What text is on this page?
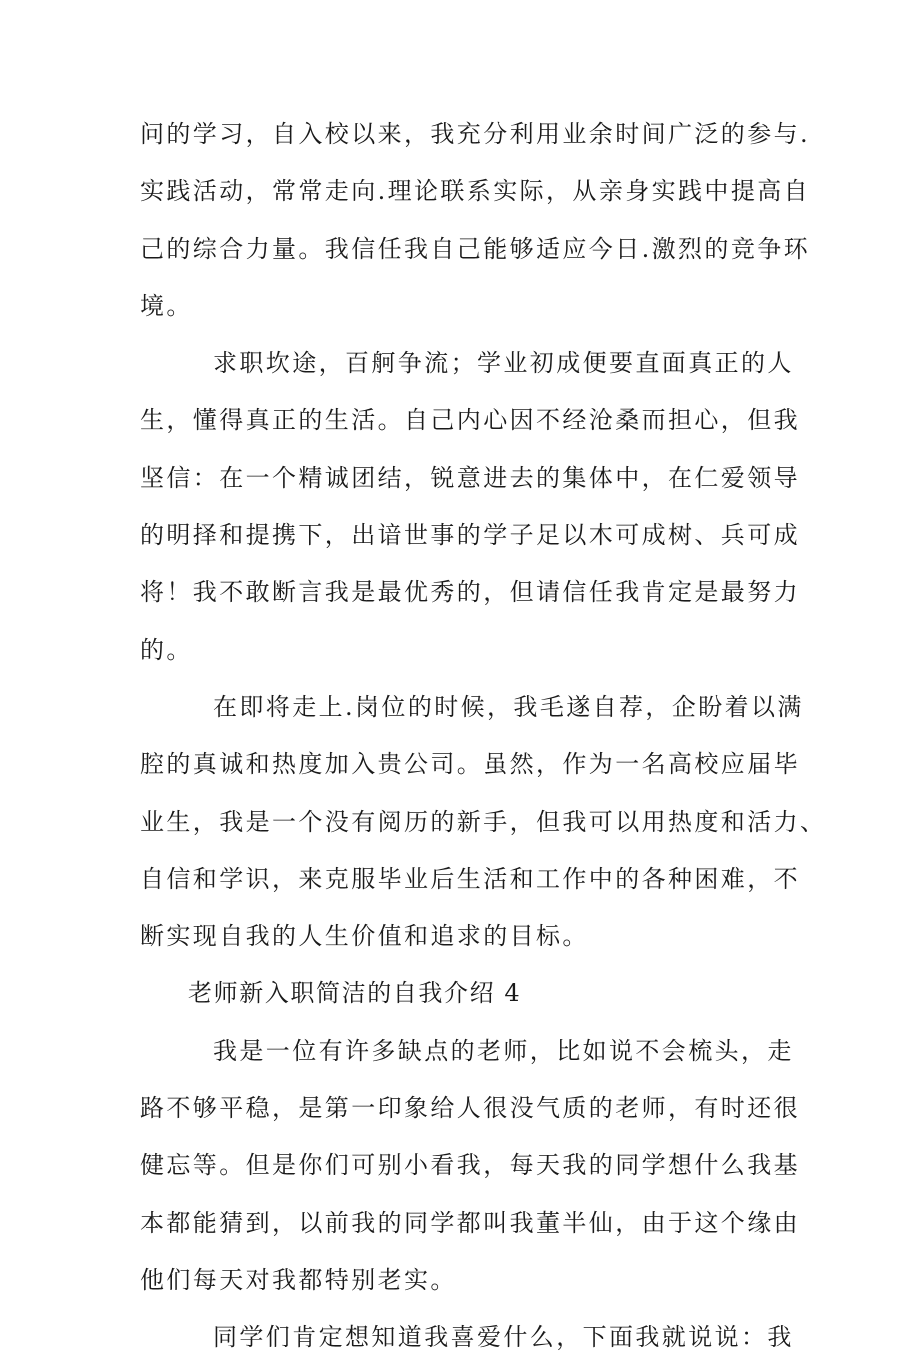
问的学习，自入校以来，我充分利用业余时间广泛的参与.
实践活动，常常走向.理论联系实际，从亲身实践中提高自
己的综合力量。我信任我自己能够适应今日.激烈的竞争环
境。
求职坎途，百舸争流；学业初成便要直面真正的人
生，懂得真正的生活。自己内心因不经沧桑而担心，但我
坚信：在一个精诚团结，锐意进去的集体中，在仁爱领导
的明择和提携下，出谙世事的学子足以木可成树、兵可成
将！我不敢断言我是最优秀的，但请信任我肯定是最努力
的。
在即将走上.岗位的时候，我毛遂自荐，企盼着以满
腔的真诚和热度加入贵公司。虽然，作为一名高校应届毕
业生，我是一个没有阅历的新手，但我可以用热度和活力、
自信和学识，来克服毕业后生活和工作中的各种困难，不
断实现自我的人生价值和追求的目标。
老师新入职简洁的自我介绍 4
我是一位有许多缺点的老师，比如说不会梳头，走
路不够平稳，是第一印象给人很没气质的老师，有时还很
健忘等。但是你们可别小看我，每天我的同学想什么我基
本都能猜到，以前我的同学都叫我董半仙，由于这个缘由
他们每天对我都特别老实。
同学们肯定想知道我喜爱什么，下面我就说说：我
